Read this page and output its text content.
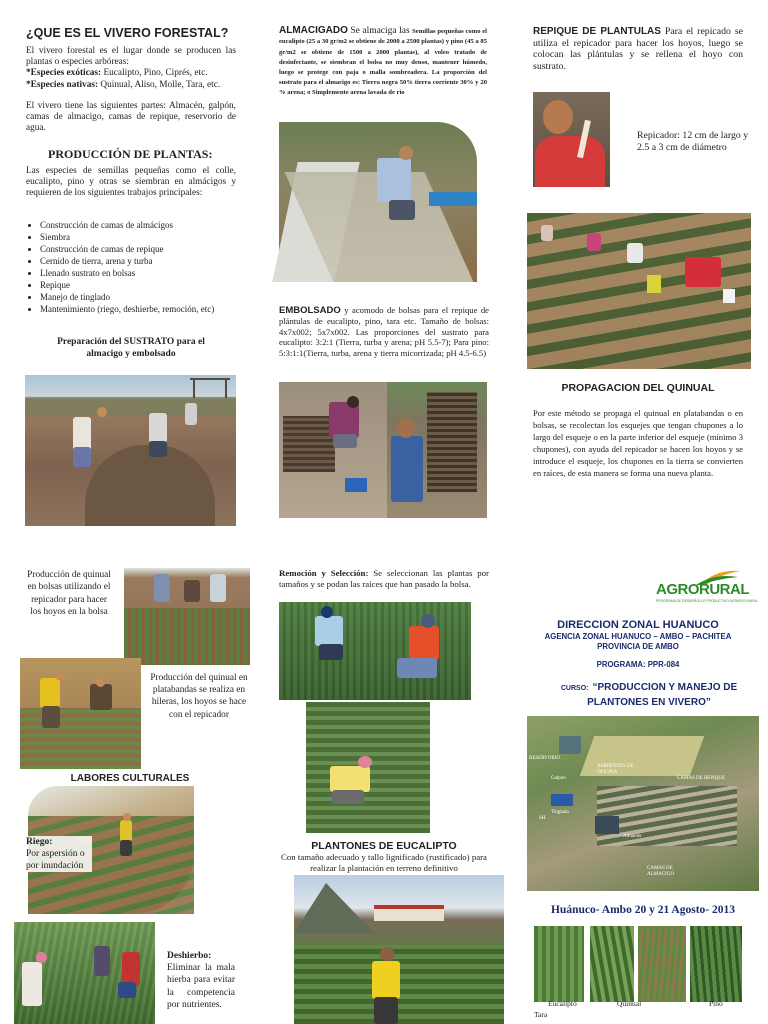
¿QUE ES EL VIVERO FORESTAL?
El vivero forestal es el lugar donde se producen las plantas o especies arbóreas:
*Especies exóticas: Eucalipto, Pino, Ciprés, etc.
*Especies nativas: Quinual, Aliso, Molle, Tara, etc.
El vivero tiene las siguientes partes: Almacén, galpón, camas de almacigo, camas de repique, reservorio de agua.
PRODUCCIÓN DE PLANTAS:
Las especies de semillas pequeñas como el colle, eucalipto, pino y otras se siembran en almácigos y requieren de los siguientes trabajos principales:
• Construcción de camas de almácigos
• Siembra
• Construcción de camas de repique
• Cernido de tierra, arena y turba
• Llenado sustrato en bolsas
• Repique
• Manejo de tinglado
• Mantenimiento (riego, deshierbe, remoción, etc)
Preparación del SUSTRATO para el almacigo y embolsado
Producción de quinual en bolsas utilizando el repicador para hacer los hoyos en la bolsa
Producción del quinual en platabandas se realiza en hileras, los hoyos se hace con el repicador
LABORES CULTURALES
Riego:
Por aspersión o por inundación
Deshierbo:
Eliminar la mala hierba para evitar la competencia por nutrientes.
ALMACIGADO Se almaciga las Semillas pequeñas como el eucalipto (25 a 30 gr/m2 se obtiene de 2000 a 2500 plantas) y pino (45 a 85 gr/m2 se obtiene de 1500 a 2000 plantas), al voleo tratado de desinfectante, se siembran el bolsa no muy denso, mantener húmedo, luego se protege con paja o malla sombreadera. La proporción del sustrato para el almacigo es: Tierra negra 50% tierra corriente 30% y 20 % arena; o Simplemente arena lavada de río
EMBOLSADO y acomodo de bolsas para el repique de plántulas de eucalipto, pino, tara etc. Tamaño de bolsas: 4x7x002; 5x7x002. Las proporciones del sustrato para eucalipto: 3:2:1 (Tierra, turba y arena; pH 5.5-7); Para pino: 5:3:1:1(Tierra, turba, arena y tierra micorrizada; pH 4.5-6.5)
Remoción y Selección: Se seleccionan las plantas por tamaños y se podan las raíces que han pasado la bolsa.
PLANTONES DE EUCALIPTO
Con tamaño adecuado y tallo lignificado (rustificado) para realizar la plantación en terreno definitivo
REPIQUE DE PLANTULAS Para el repicado se utiliza el repicador para hacer los hoyos, luego se colocan las plántulas y se rellena el hoyo con sustrato.
Repicador: 12 cm de largo y 2.5 a 3 cm de diámetro
PROPAGACION DEL QUINUAL
Por este método se propaga el quinual en platabandas o en bolsas, se recolectan los esquejes que tengan chupones a lo largo del esqueje o en la parte inferior del esqueje (mínimo 3 chupones), con ayuda del repicador se hacen los hoyos y se introduce el esqueje, los chupones en la tierra se convierten en raíces, de esta manera se forma una nueva planta.
AGRORURAL
PROGRAMA DE DESARROLLO PRODUCTIVO AGRARIO RURAL
DIRECCION ZONAL HUANUCO
AGENCIA ZONAL HUANUCO – AMBO – PACHITEA
PROVINCIA DE AMBO
PROGRAMA: PPR-084
CURSO: “PRODUCCION Y MANEJO DE PLANTONES EN VIVERO”
RESERVORIO
AMBIENTES DE OFICINA
Galpón
Tinglado
CAMAS DE REPIQUE
Almacén
CAMAS DE ALMACIGO
SH
Huánuco- Ambo 20 y 21 Agosto- 2013
Eucalipto	Quinual	Pino
Tara
